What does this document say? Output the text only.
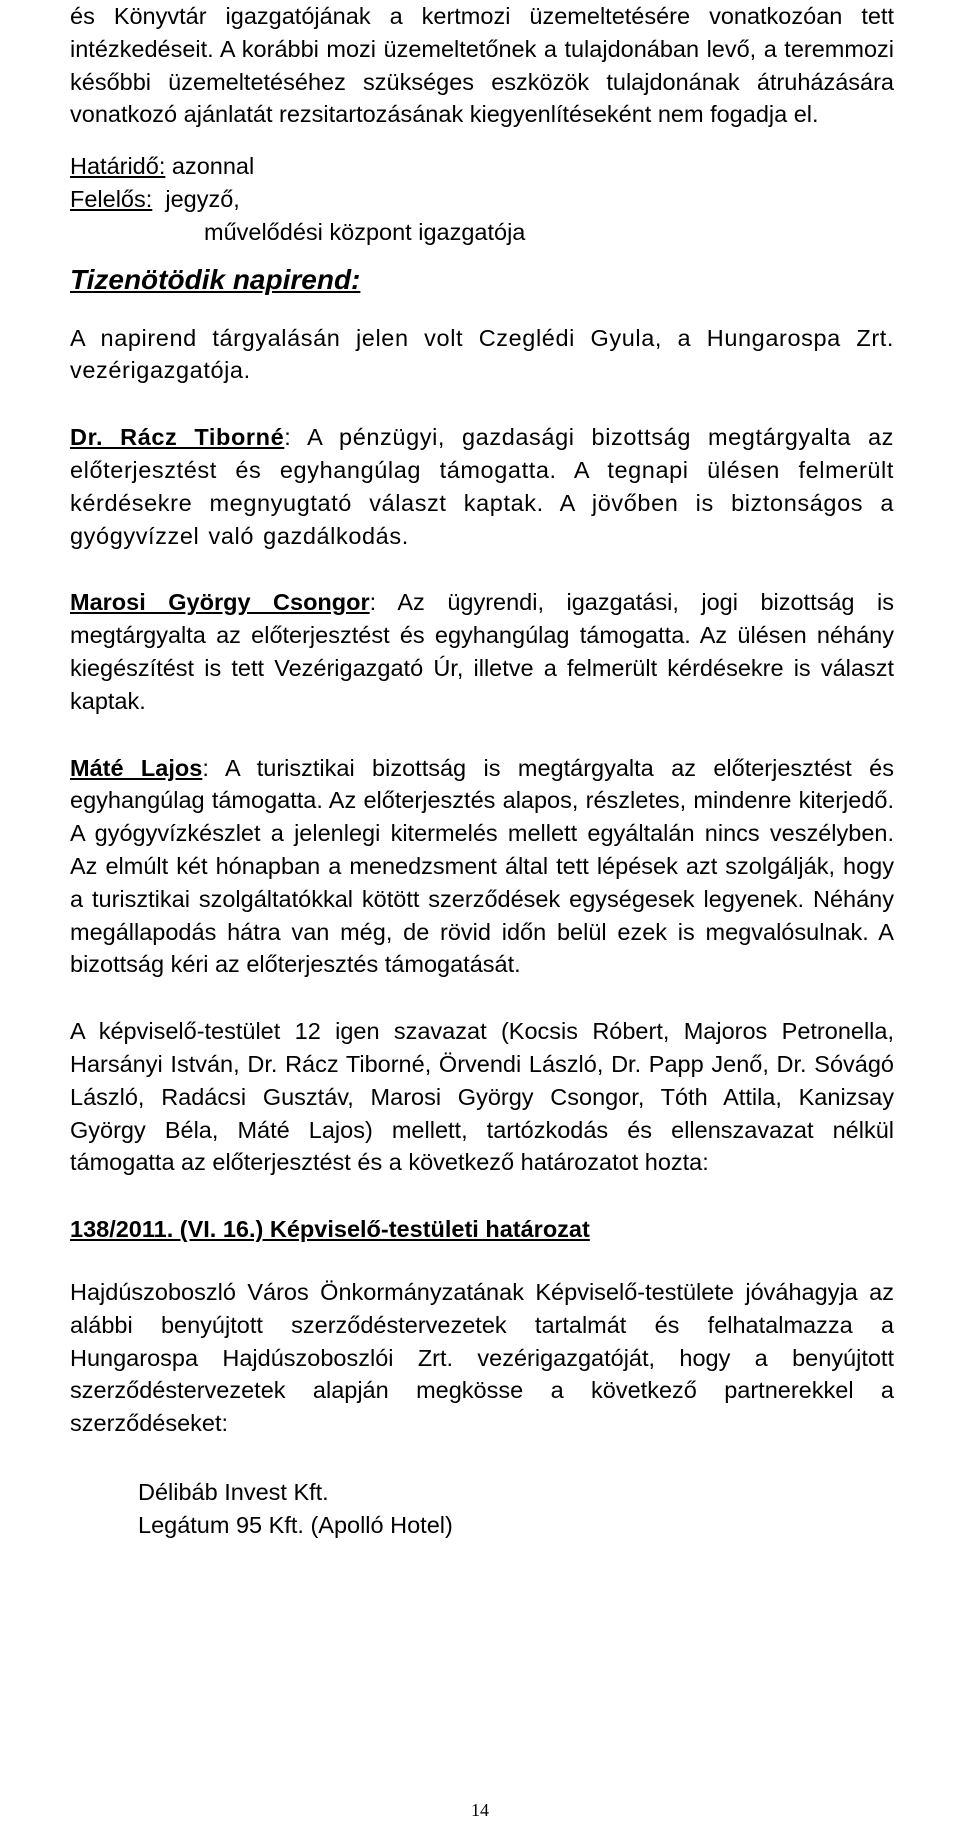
és Könyvtár igazgatójának a kertmozi üzemeltetésére vonatkozóan tett intézkedéseit. A korábbi mozi üzemeltetőnek a tulajdonában levő, a teremmozi későbbi üzemeltetéséhez szükséges eszközök tulajdonának átruházására vonatkozó ajánlatát rezsitartozásának kiegyenlítéseként nem fogadja el.

Határidő: azonnal
Felelős: jegyző,
művelődési központ igazgatója
Tizenötödik napirend:

A napirend tárgyalásán jelen volt Czeglédi Gyula, a Hungarospa Zrt. vezérigazgatója.

Dr. Rácz Tiborné: A pénzügyi, gazdasági bizottság megtárgyalta az előterjesztést és egyhangúlag támogatta. A tegnapi ülésen felmerült kérdésekre megnyugtató választ kaptak. A jövőben is biztonságos a gyógyvízzel való gazdálkodás.

Marosi György Csongor: Az ügyrendi, igazgatási, jogi bizottság is megtárgyalta az előterjesztést és egyhangúlag támogatta. Az ülésen néhány kiegészítést is tett Vezérigazgató Úr, illetve a felmerült kérdésekre is választ kaptak.

Máté Lajos: A turisztikai bizottság is megtárgyalta az előterjesztést és egyhangúlag támogatta. Az előterjesztés alapos, részletes, mindenre kiterjedő. A gyógyvízkészlet a jelenlegi kitermelés mellett egyáltalán nincs veszélyben. Az elmúlt két hónapban a menedzsment által tett lépések azt szolgálják, hogy a turisztikai szolgáltatókkal kötött szerződések egységesek legyenek. Néhány megállapodás hátra van még, de rövid időn belül ezek is megvalósulnak. A bizottság kéri az előterjesztés támogatását.

A képviselő-testület 12 igen szavazat (Kocsis Róbert, Majoros Petronella, Harsányi István, Dr. Rácz Tiborné, Örvendi László, Dr. Papp Jenő, Dr. Sóvágó László, Radácsi Gusztáv, Marosi György Csongor, Tóth Attila, Kanizsay György Béla, Máté Lajos) mellett, tartózkodás és ellenszavazat nélkül támogatta az előterjesztést és a következő határozatot hozta:

138/2011. (VI. 16.) Képviselő-testületi határozat

Hajdúszoboszló Város Önkormányzatának Képviselő-testülete jóváhagyja az alábbi benyújtott szerződéstervezetek tartalmát és felhatalmazza a Hungarospa Hajdúszoboszlói Zrt. vezérigazgatóját, hogy a benyújtott szerződéstervezetek alapján megkösse a következő partnerekkel a szerződéseket:

Délibáb Invest Kft.
Legátum 95 Kft. (Apolló Hotel)
14
